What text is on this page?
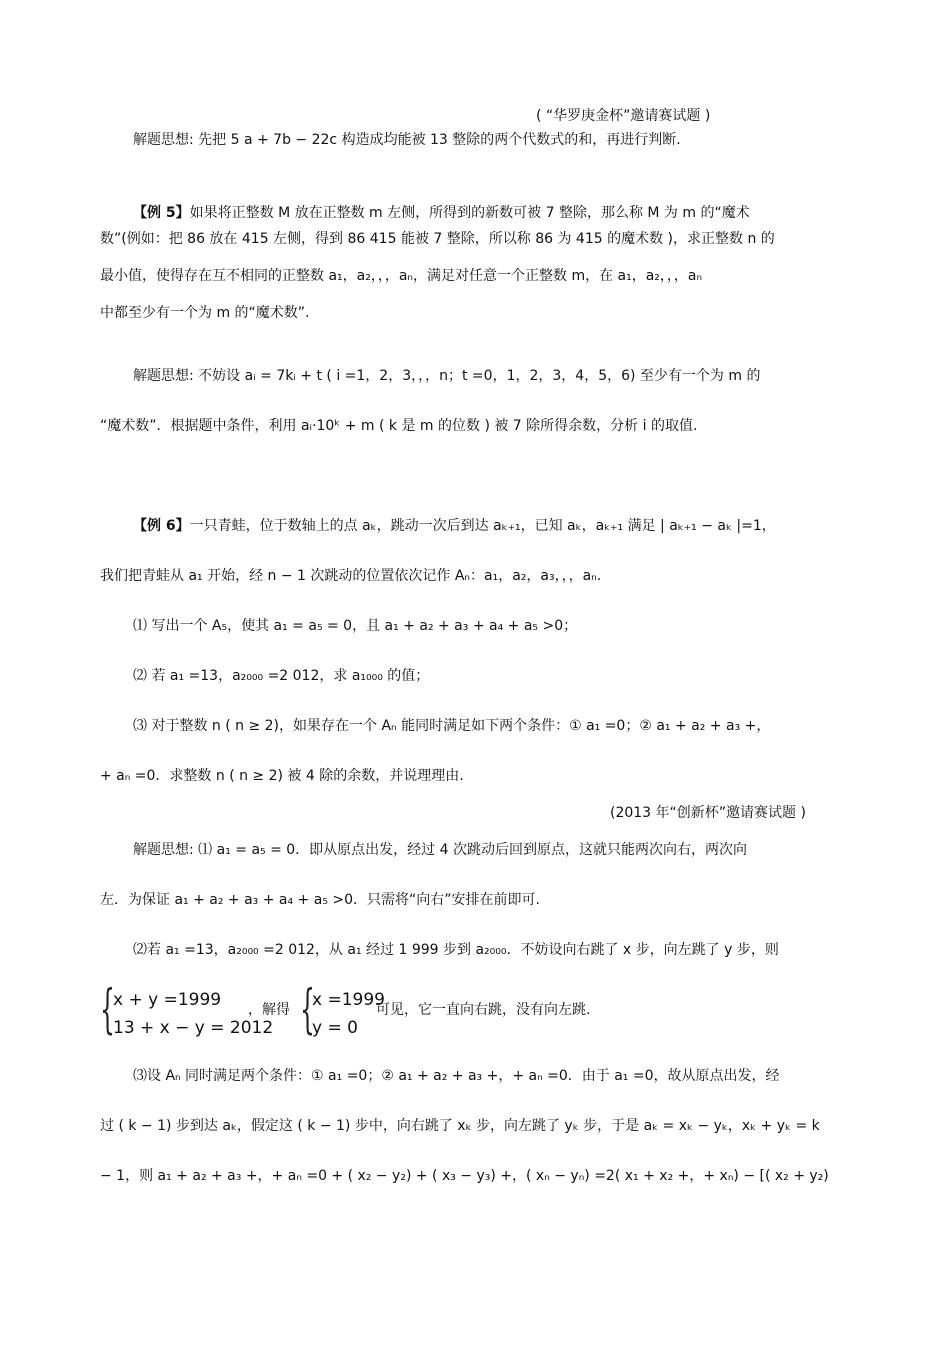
( “华罗庚金杯”邀请赛试题 )
解题思想: 先把 5 a + 7b − 22c 构造成均能被 13 整除的两个代数式的和，再进行判断.
【例 5】如果将正整数 M 放在正整数 m 左侧，所得到的新数可被 7 整除，那么称 M 为 m 的“魔术
数”(例如：把 86 放在 415 左侧，得到 86 415 能被 7 整除，所以称 86 为 415 的魔术数 )，求正整数 n 的
最小值，使得存在互不相同的正整数 a₁，a₂，，，aₙ，满足对任意一个正整数 m，在 a₁，a₂，，，aₙ
中都至少有一个为 m 的“魔术数”.
解题思想: 不妨设 aᵢ = 7kᵢ + t ( i =1，2，3，，，n；t =0，1，2，3，4，5，6) 至少有一个为 m 的
“魔术数”．根据题中条件，利用 aᵢ·10ᵏ + m ( k 是 m 的位数 ) 被 7 除所得余数，分析 i 的取值.
【例 6】一只青蛙，位于数轴上的点 aₖ，跳动一次后到达 aₖ₊₁，已知 aₖ，aₖ₊₁ 满足 | aₖ₊₁ − aₖ |=1，
我们把青蛙从 a₁ 开始，经 n − 1 次跳动的位置依次记作 Aₙ：a₁，a₂，a₃，，，aₙ.
⑴ 写出一个 A₅，使其 a₁ = a₅ = 0，且 a₁ + a₂ + a₃ + a₄ + a₅ >0；
⑵ 若 a₁ =13，a₂₀₀₀ =2 012，求 a₁₀₀₀ 的值；
⑶ 对于整数 n ( n ≥ 2)，如果存在一个 Aₙ 能同时满足如下两个条件：① a₁ =0；② a₁ + a₂ + a₃ +，
+ aₙ =0．求整数 n ( n ≥ 2) 被 4 除的余数，并说理理由.
(2013 年“创新杯”邀请赛试题 )
解题思想: ⑴ a₁ = a₅ = 0．即从原点出发，经过 4 次跳动后回到原点，这就只能两次向右，两次向
左．为保证 a₁ + a₂ + a₃ + a₄ + a₅ >0．只需将“向右”安排在前即可.
⑵若 a₁ =13，a₂₀₀₀ =2 012，从 a₁ 经过 1 999 步到 a₂₀₀₀．不妨设向右跳了 x 步，向左跳了 y 步，则
{
x + y =1999
13 + x − y = 2012
，解得 {
x =1999
y = 0
可见，它一直向右跳，没有向左跳.
⑶设 Aₙ 同时满足两个条件：① a₁ =0；② a₁ + a₂ + a₃ +，+ aₙ =0．由于 a₁ =0，故从原点出发，经
过 ( k − 1) 步到达 aₖ，假定这 ( k − 1) 步中，向右跳了 xₖ 步，向左跳了 yₖ 步，于是 aₖ = xₖ − yₖ，xₖ + yₖ = k
− 1，则 a₁ + a₂ + a₃ +，+ aₙ =0 + ( x₂ − y₂) + ( x₃ − y₃) +，( xₙ − yₙ) =2( x₁ + x₂ +，+ xₙ) − [( x₂ + y₂)
